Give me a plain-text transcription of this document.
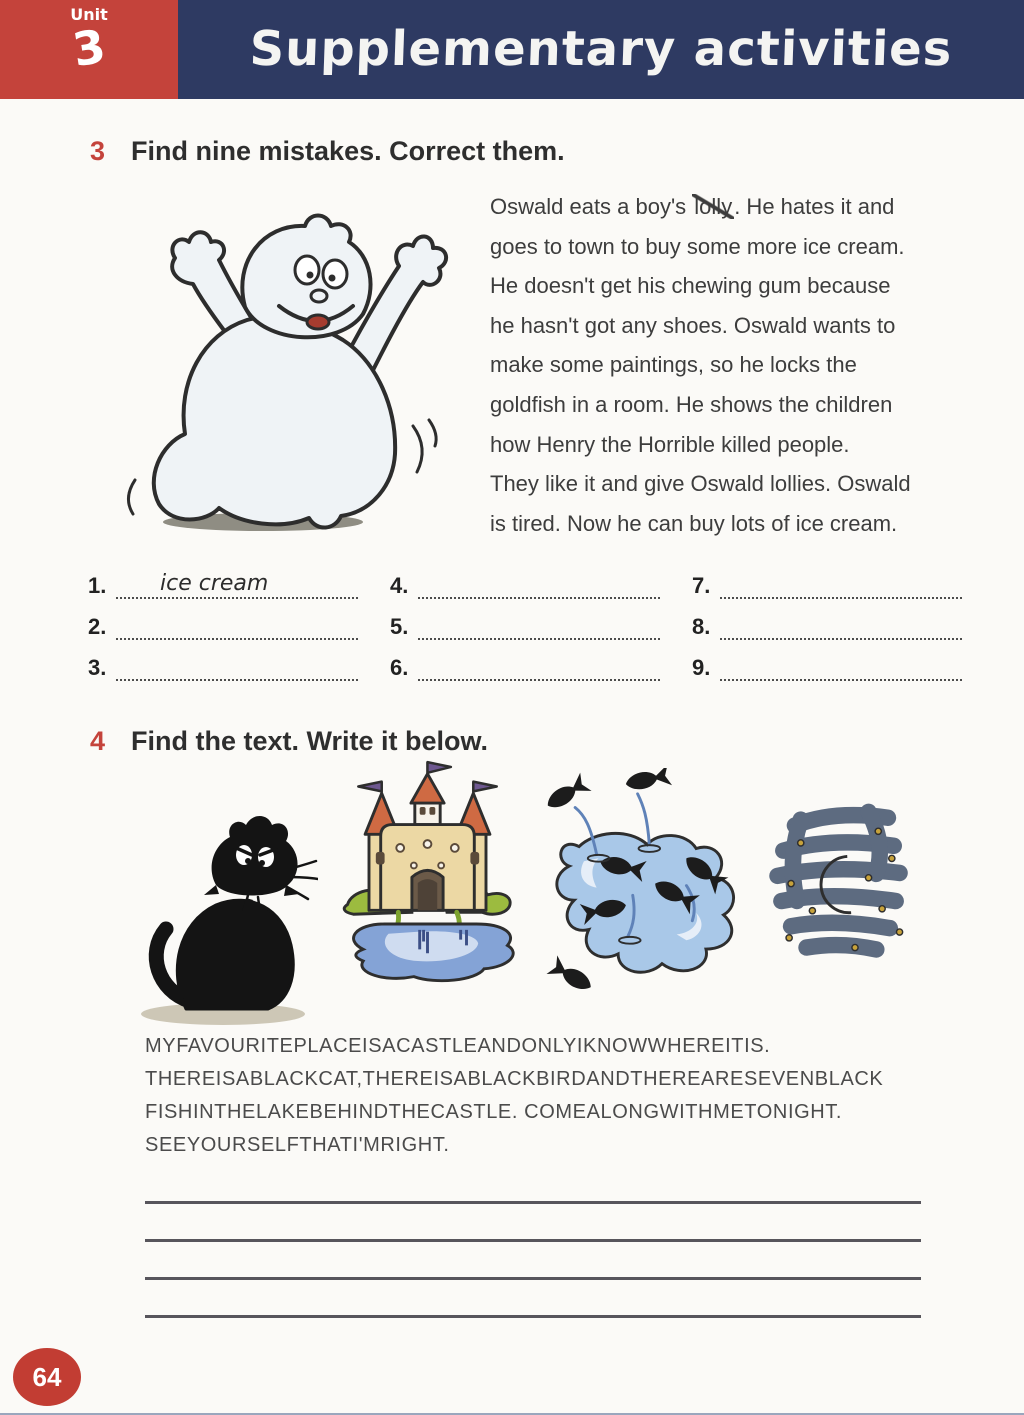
Unit
3	Supplementary activities
3 Find nine mistakes. Correct them.
Oswald eats a boy's lolly. He hates it and
goes to town to buy some more ice cream.
He doesn't get his chewing gum because
he hasn't got any shoes. Oswald wants to
make some paintings, so he locks the
goldfish in a room. He shows the children
how Henry the Horrible killed people.
They like it and give Oswald lollies. Oswald
is tired. Now he can buy lots of ice cream.
1.	ice cream
2.
3.
4.
5.
6.
7.
8.
9.
4 Find the text. Write it below.
MYFAVOURITEPLACEISACASTLEANDONLYIKNOWWHEREITIS.
THEREISABLACKCAT,THEREISABLACKBIRDANDTHEREARESEVENBLACK
FISHINTHELAKEBEHINDTHECASTLE. COMEALONGWITHMETONIGHT.
SEEYOURSELFTHATI'MRIGHT.
64
